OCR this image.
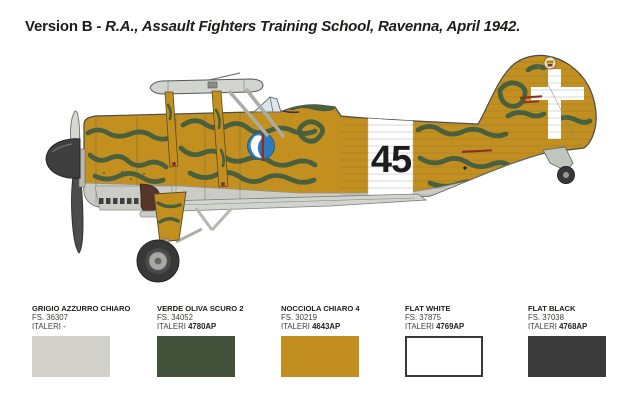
Version B - R.A., Assault Fighters Training School, Ravenna, April 1942.
45
GRIGIO AZZURRO CHIARO
FS. 36307
ITALERI -
VERDE OLIVA SCURO 2
FS. 34052
ITALERI 4780AP
NOCCIOLA CHIARO 4
FS. 30219
ITALERI 4643AP
FLAT WHITE
FS. 37875
ITALERI 4769AP
FLAT BLACK
FS. 37038
ITALERI 4768AP
